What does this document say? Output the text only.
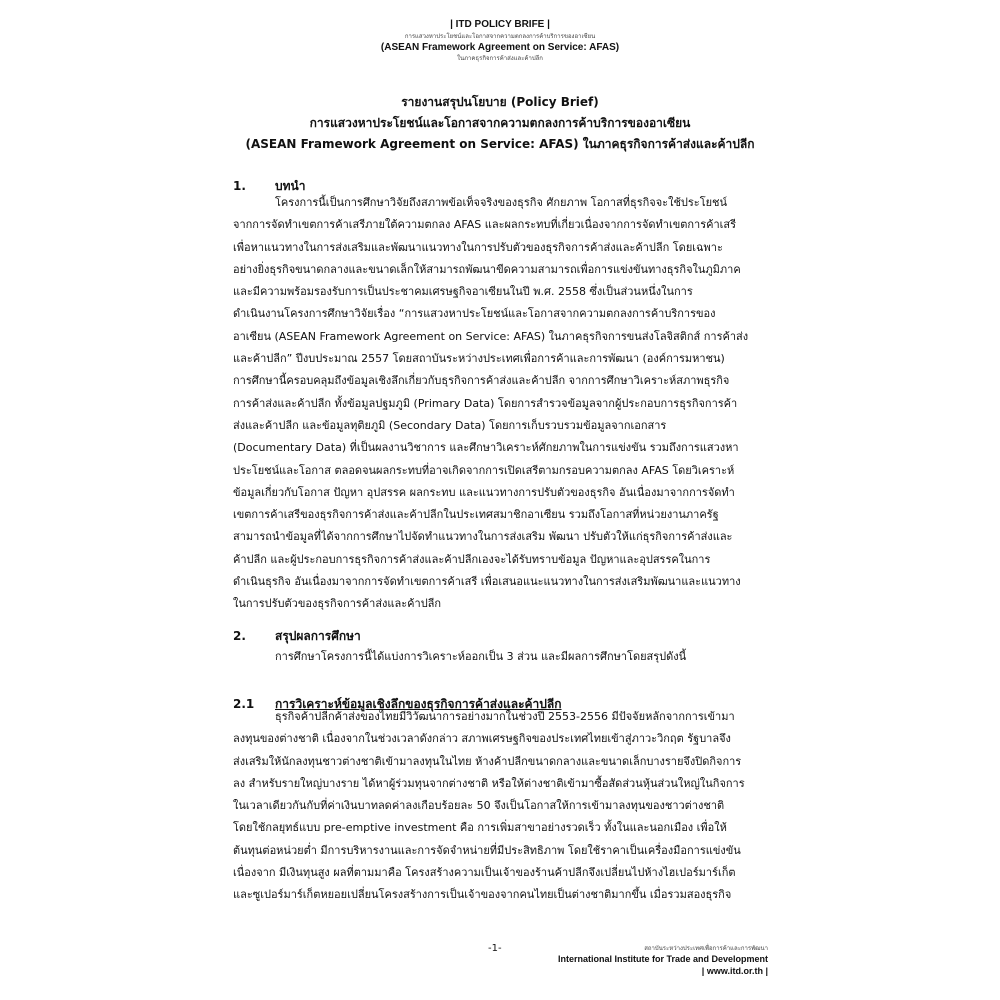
| ITD POLICY BRIFE |
การแสวงหาประโยชน์และโอกาสจากความตกลงการค้าบริการของอาเซียน
(ASEAN Framework Agreement on Service: AFAS)
ในภาคธุรกิจการค้าส่งและค้าปลีก
รายงานสรุปนโยบาย (Policy Brief)
การแสวงหาประโยชน์และโอกาสจากความตกลงการค้าบริการของอาเซียน
(ASEAN Framework Agreement on Service: AFAS) ในภาคธุรกิจการค้าส่งและค้าปลีก
1. บทนำ
โครงการนี้เป็นการศึกษาวิจัยถึงสภาพข้อเท็จจริงของธุรกิจ ศักยภาพ โอกาสที่ธุรกิจจะใช้ประโยชน์
จากการจัดทำเขตการค้าเสรีภายใต้ความตกลง AFAS และผลกระทบที่เกี่ยวเนื่องจากการจัดทำเขตการค้าเสรี
เพื่อหาแนวทางในการส่งเสริมและพัฒนาแนวทางในการปรับตัวของธุรกิจการค้าส่งและค้าปลีก โดยเฉพาะ
อย่างยิ่งธุรกิจขนาดกลางและขนาดเล็กให้สามารถพัฒนาขีดความสามารถเพื่อการแข่งขันทางธุรกิจในภูมิภาค
และมีความพร้อมรองรับการเป็นประชาคมเศรษฐกิจอาเซียนในปี พ.ศ. 2558 ซึ่งเป็นส่วนหนึ่งในการ
ดำเนินงานโครงการศึกษาวิจัยเรื่อง “การแสวงหาประโยชน์และโอกาสจากความตกลงการค้าบริการของ
อาเซียน (ASEAN Framework Agreement on Service: AFAS) ในภาคธุรกิจการขนส่งโลจิสติกส์ การค้าส่ง
และค้าปลีก” ปีงบประมาณ 2557 โดยสถาบันระหว่างประเทศเพื่อการค้าและการพัฒนา (องค์การมหาชน)
การศึกษานี้ครอบคลุมถึงข้อมูลเชิงลึกเกี่ยวกับธุรกิจการค้าส่งและค้าปลีก จากการศึกษาวิเคราะห์สภาพธุรกิจ
การค้าส่งและค้าปลีก ทั้งข้อมูลปฐมภูมิ (Primary Data) โดยการสำรวจข้อมูลจากผู้ประกอบการธุรกิจการค้า
ส่งและค้าปลีก และข้อมูลทุติยภูมิ (Secondary Data) โดยการเก็บรวบรวมข้อมูลจากเอกสาร
(Documentary Data) ที่เป็นผลงานวิชาการ และศึกษาวิเคราะห์ศักยภาพในการแข่งขัน รวมถึงการแสวงหา
ประโยชน์และโอกาส ตลอดจนผลกระทบที่อาจเกิดจากการเปิดเสรีตามกรอบความตกลง AFAS โดยวิเคราะห์
ข้อมูลเกี่ยวกับโอกาส ปัญหา อุปสรรค ผลกระทบ และแนวทางการปรับตัวของธุรกิจ อันเนื่องมาจากการจัดทำ
เขตการค้าเสรีของธุรกิจการค้าส่งและค้าปลีกในประเทศสมาชิกอาเซียน รวมถึงโอกาสที่หน่วยงานภาครัฐ
สามารถนำข้อมูลที่ได้จากการศึกษาไปจัดทำแนวทางในการส่งเสริม พัฒนา ปรับตัวให้แก่ธุรกิจการค้าส่งและ
ค้าปลีก และผู้ประกอบการธุรกิจการค้าส่งและค้าปลีกเองจะได้รับทราบข้อมูล ปัญหาและอุปสรรคในการ
ดำเนินธุรกิจ อันเนื่องมาจากการจัดทำเขตการค้าเสรี เพื่อเสนอแนะแนวทางในการส่งเสริมพัฒนาและแนวทาง
ในการปรับตัวของธุรกิจการค้าส่งและค้าปลีก
2. สรุปผลการศึกษา
การศึกษาโครงการนี้ได้แบ่งการวิเคราะห์ออกเป็น 3 ส่วน และมีผลการศึกษาโดยสรุปดังนี้
2.1 การวิเคราะห์ข้อมูลเชิงลึกของธุรกิจการค้าส่งและค้าปลีก
ธุรกิจค้าปลีกค้าส่งของไทยมีวิวัฒนาการอย่างมากในช่วงปี 2553-2556 มีปัจจัยหลักจากการเข้ามา
ลงทุนของต่างชาติ เนื่องจากในช่วงเวลาดังกล่าว สภาพเศรษฐกิจของประเทศไทยเข้าสู่ภาวะวิกฤต รัฐบาลจึง
ส่งเสริมให้นักลงทุนชาวต่างชาติเข้ามาลงทุนในไทย ห้างค้าปลีกขนาดกลางและขนาดเล็กบางรายจึงปิดกิจการ
ลง สำหรับรายใหญ่บางราย ได้หาผู้ร่วมทุนจากต่างชาติ หรือให้ต่างชาติเข้ามาซื้อสัดส่วนหุ้นส่วนใหญ่ในกิจการ
ในเวลาเดียวกันกับที่ค่าเงินบาทลดค่าลงเกือบร้อยละ 50 จึงเป็นโอกาสให้การเข้ามาลงทุนของชาวต่างชาติ
โดยใช้กลยุทธ์แบบ pre-emptive investment คือ การเพิ่มสาขาอย่างรวดเร็ว ทั้งในและนอกเมือง เพื่อให้
ต้นทุนต่อหน่วยต่ำ มีการบริหารงานและการจัดจำหน่ายที่มีประสิทธิภาพ โดยใช้ราคาเป็นเครื่องมือการแข่งขัน
เนื่องจาก มีเงินทุนสูง ผลที่ตามมาคือ โครงสร้างความเป็นเจ้าของร้านค้าปลีกจึงเปลี่ยนไปห้างไฮเปอร์มาร์เก็ต
และซูเปอร์มาร์เก็ตหยอยเปลี่ยนโครงสร้างการเป็นเจ้าของจากคนไทยเป็นต่างชาติมากขึ้น เมื่อรวมสองธุรกิจ
-1-	สถาบันระหว่างประเทศเพื่อการค้าและการพัฒนา
International Institute for Trade and Development
| www.itd.or.th |
